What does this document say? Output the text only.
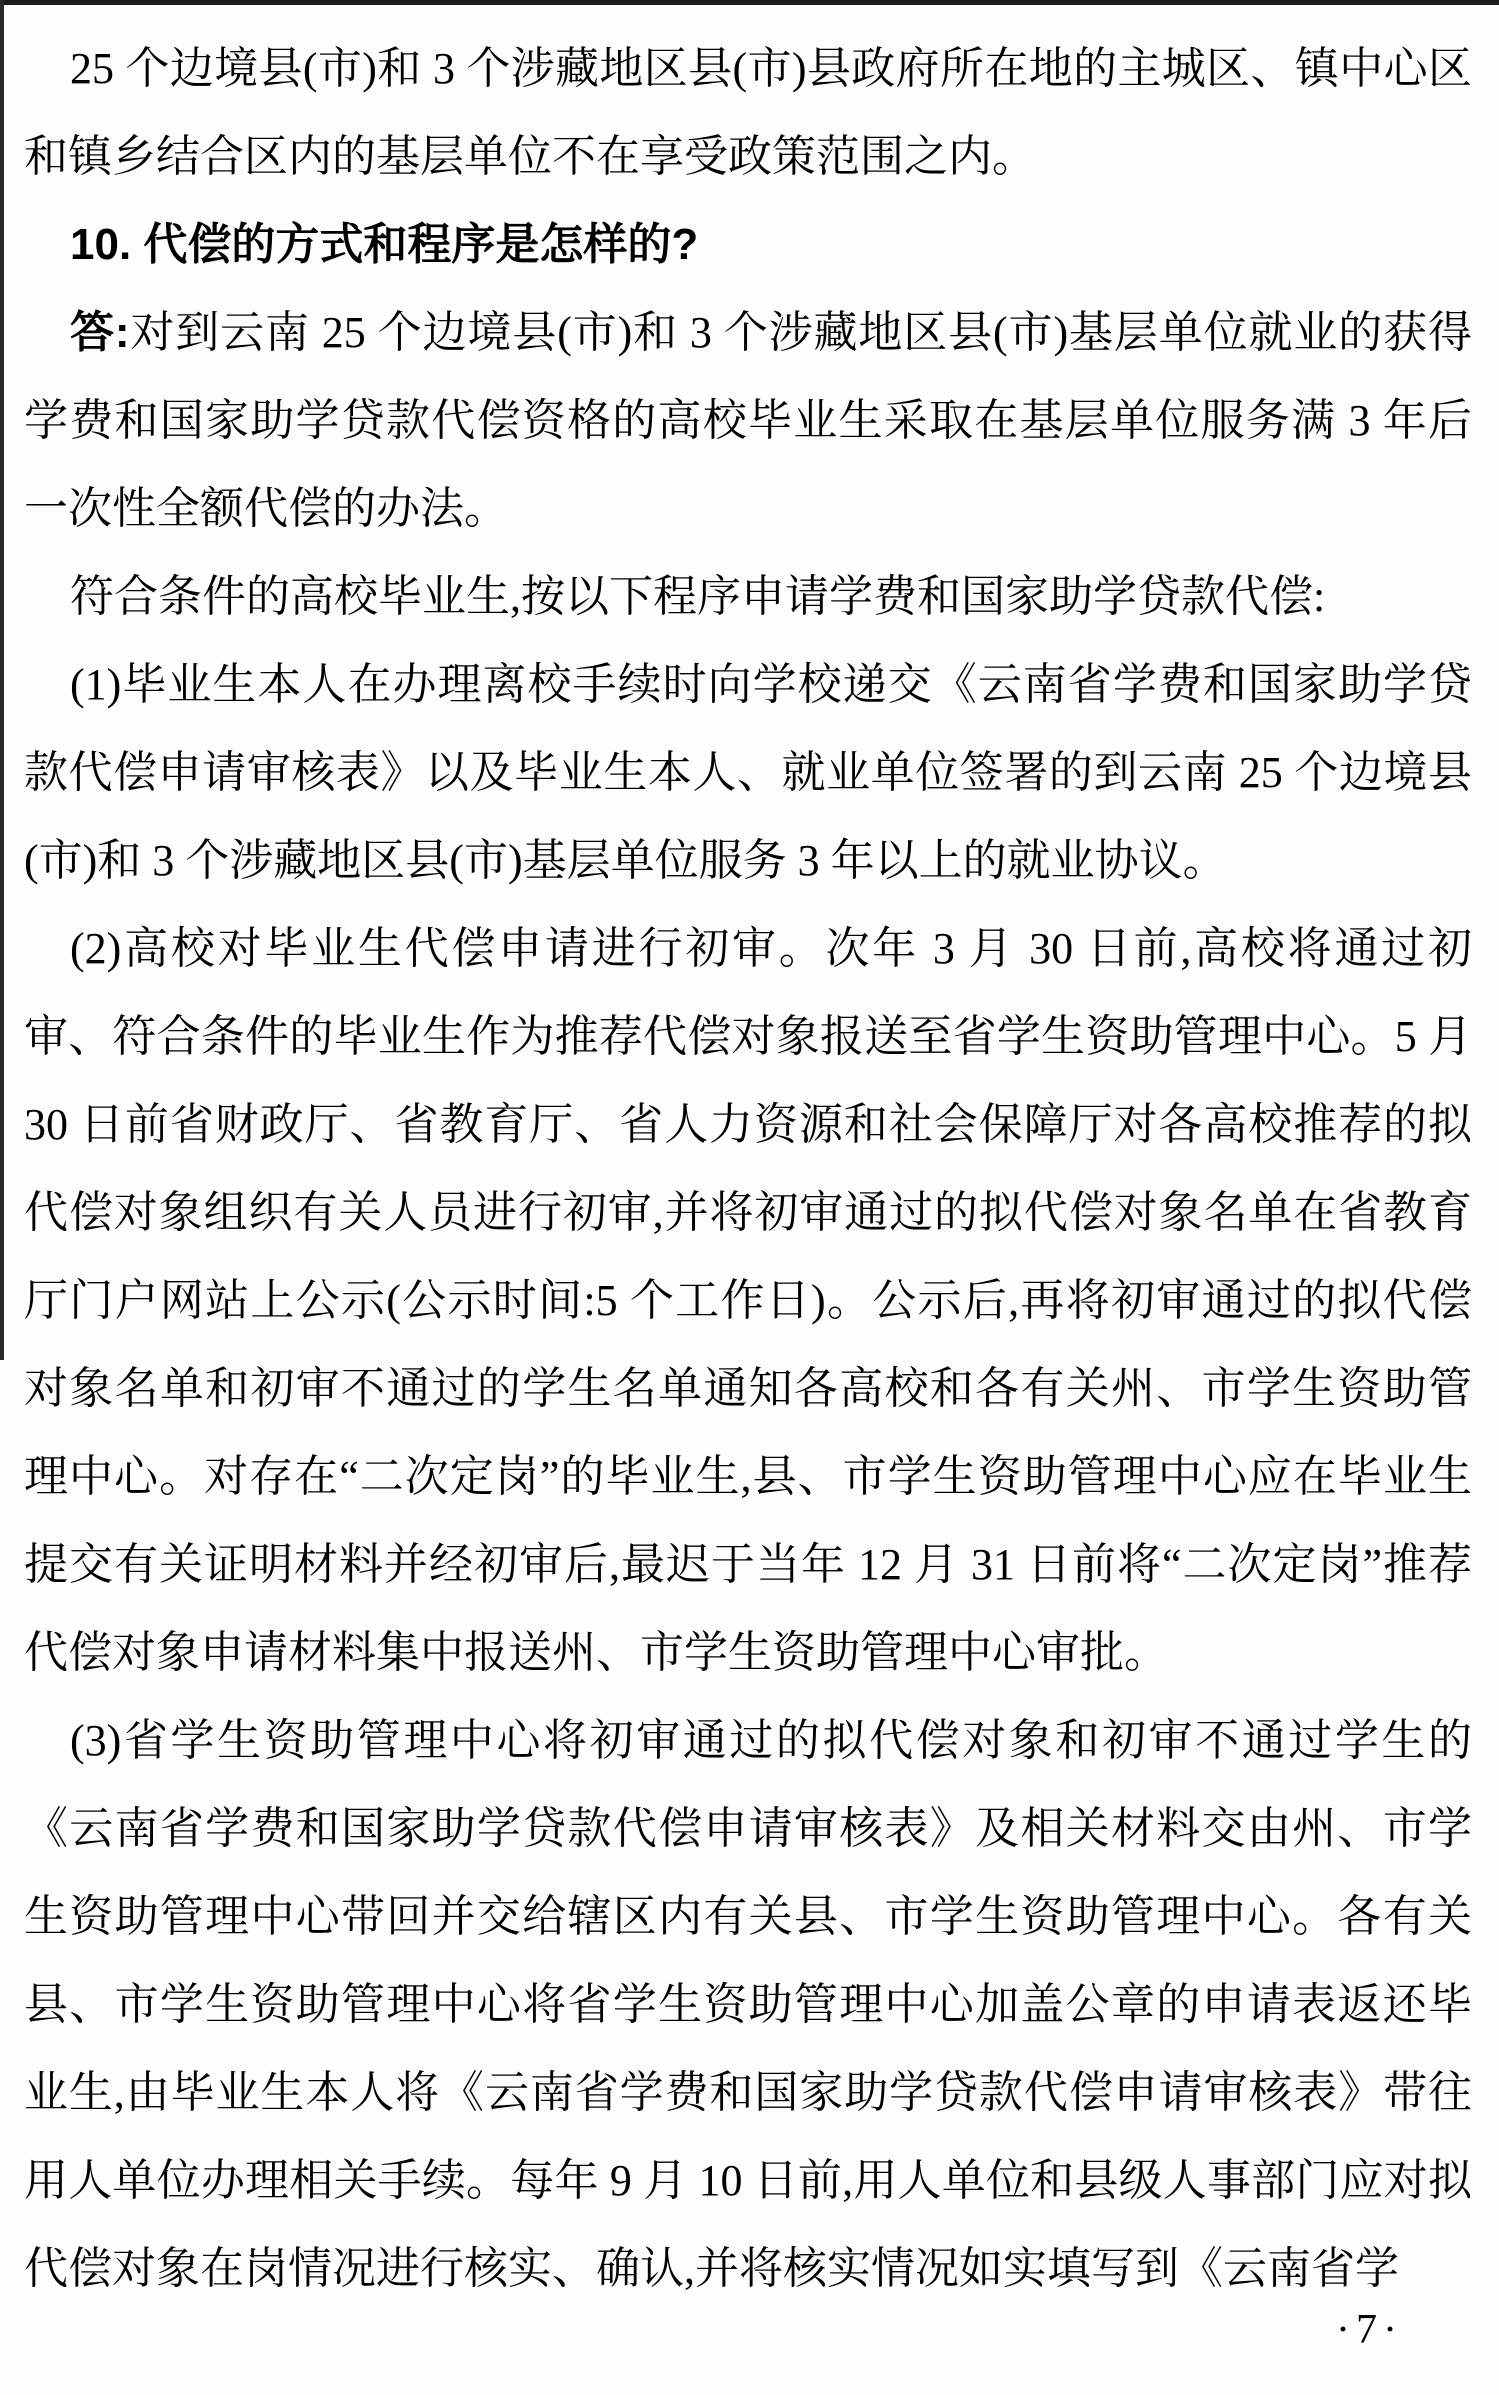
25 个边境县(市)和 3 个涉藏地区县(市)县政府所在地的主城区、镇中心区和镇乡结合区内的基层单位不在享受政策范围之内。

10. 代偿的方式和程序是怎样的?

答:对到云南 25 个边境县(市)和 3 个涉藏地区县(市)基层单位就业的获得学费和国家助学贷款代偿资格的高校毕业生采取在基层单位服务满 3 年后一次性全额代偿的办法。

符合条件的高校毕业生,按以下程序申请学费和国家助学贷款代偿:

(1)毕业生本人在办理离校手续时向学校递交《云南省学费和国家助学贷款代偿申请审核表》以及毕业生本人、就业单位签署的到云南 25 个边境县(市)和 3 个涉藏地区县(市)基层单位服务 3 年以上的就业协议。

(2)高校对毕业生代偿申请进行初审。次年 3 月 30 日前,高校将通过初审、符合条件的毕业生作为推荐代偿对象报送至省学生资助管理中心。5 月 30 日前省财政厅、省教育厅、省人力资源和社会保障厅对各高校推荐的拟代偿对象组织有关人员进行初审,并将初审通过的拟代偿对象名单在省教育厅门户网站上公示(公示时间:5 个工作日)。公示后,再将初审通过的拟代偿对象名单和初审不通过的学生名单通知各高校和各有关州、市学生资助管理中心。对存在“二次定岗”的毕业生,县、市学生资助管理中心应在毕业生提交有关证明材料并经初审后,最迟于当年 12 月 31 日前将“二次定岗”推荐代偿对象申请材料集中报送州、市学生资助管理中心审批。

(3)省学生资助管理中心将初审通过的拟代偿对象和初审不通过学生的《云南省学费和国家助学贷款代偿申请审核表》及相关材料交由州、市学生资助管理中心带回并交给辖区内有关县、市学生资助管理中心。各有关县、市学生资助管理中心将省学生资助管理中心加盖公章的申请表返还毕业生,由毕业生本人将《云南省学费和国家助学贷款代偿申请审核表》带往用人单位办理相关手续。每年 9 月 10 日前,用人单位和县级人事部门应对拟代偿对象在岗情况进行核实、确认,并将核实情况如实填写到《云南省学

·7·
